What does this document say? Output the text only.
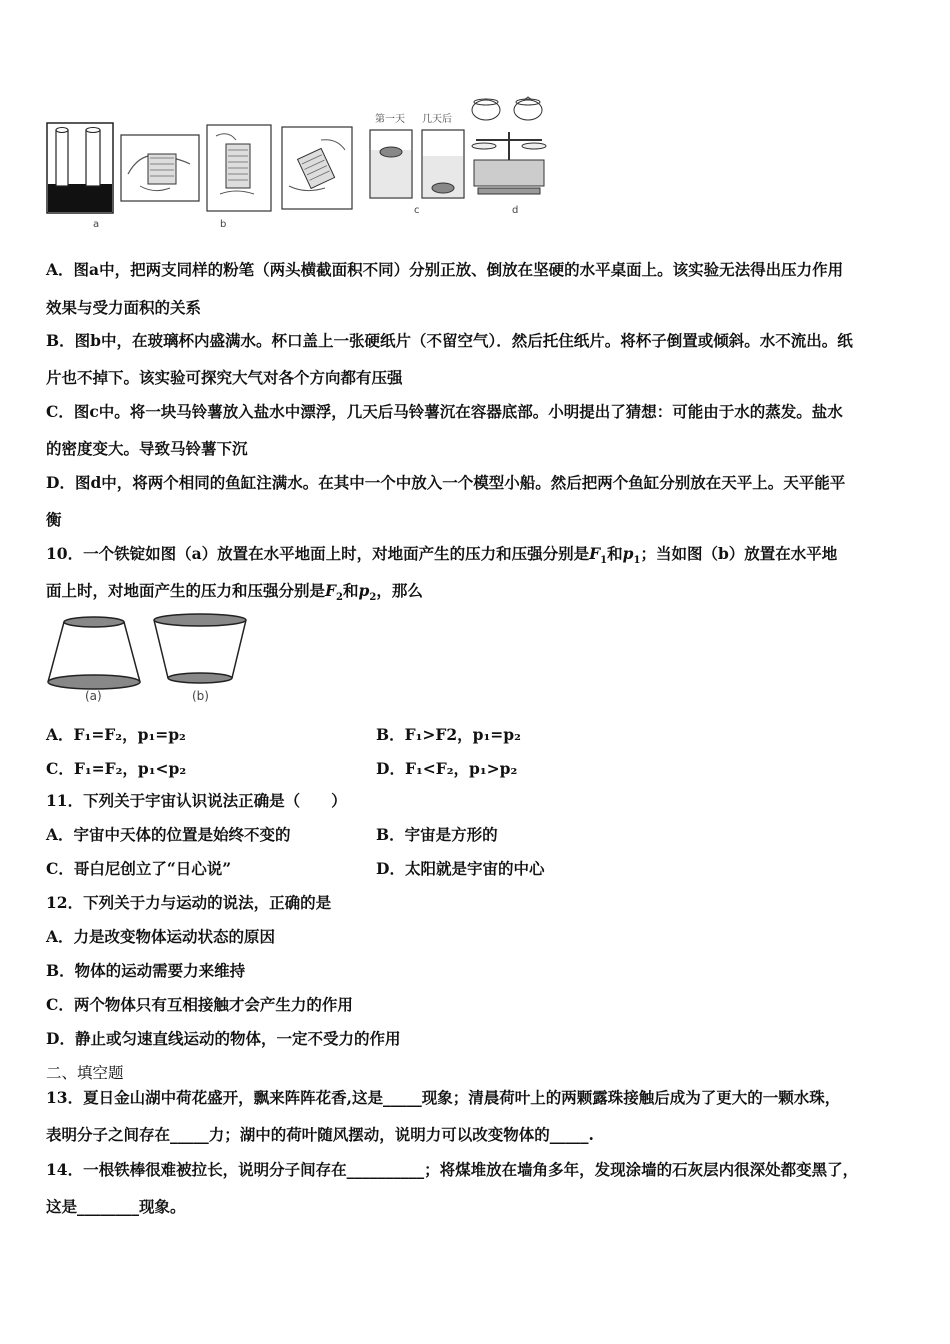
a	b
第一天 几天后
c	d
A．图a中，把两支同样的粉笔（两头横截面积不同）分别正放、倒放在坚硬的水平桌面上。该实验无法得出压力作用
效果与受力面积的关系
B．图b中，在玻璃杯内盛满水。杯口盖上一张硬纸片（不留空气）．然后托住纸片。将杯子倒置或倾斜。水不流出。纸
片也不掉下。该实验可探究大气对各个方向都有压强
C．图c中。将一块马铃薯放入盐水中漂浮，几天后马铃薯沉在容器底部。小明提出了猜想：可能由于水的蒸发。盐水
的密度变大。导致马铃薯下沉
D．图d中，将两个相同的鱼缸注满水。在其中一个中放入一个模型小船。然后把两个鱼缸分别放在天平上。天平能平
衡
10．一个铁锭如图（a）放置在水平地面上时，对地面产生的压力和压强分别是$F_1$和$p_1$；当如图（b）放置在水平地
面上时，对地面产生的压力和压强分别是$F_2$和$p_2$，那么
(a)	(b)
A．F₁=F₂，p₁=p₂	B．F₁>F2，p₁=p₂
C．F₁=F₂，p₁<p₂	D．F₁<F₂，p₁>p₂
11．下列关于宇宙认识说法正确是（　　）
A．宇宙中天体的位置是始终不变的	B．宇宙是方形的
C．哥白尼创立了“日心说”	D．太阳就是宇宙的中心
12．下列关于力与运动的说法，正确的是
A．力是改变物体运动状态的原因
B．物体的运动需要力来维持
C．两个物体只有互相接触才会产生力的作用
D．静止或匀速直线运动的物体，一定不受力的作用
二、填空题
13．夏日金山湖中荷花盛开，飘来阵阵花香,这是_____现象；清晨荷叶上的两颗露珠接触后成为了更大的一颗水珠，
表明分子之间存在_____力；湖中的荷叶随风摆动，说明力可以改变物体的_____.
14．一根铁棒很难被拉长，说明分子间存在__________；将煤堆放在墙角多年，发现涂墙的石灰层内很深处都变黑了，
这是________现象。
